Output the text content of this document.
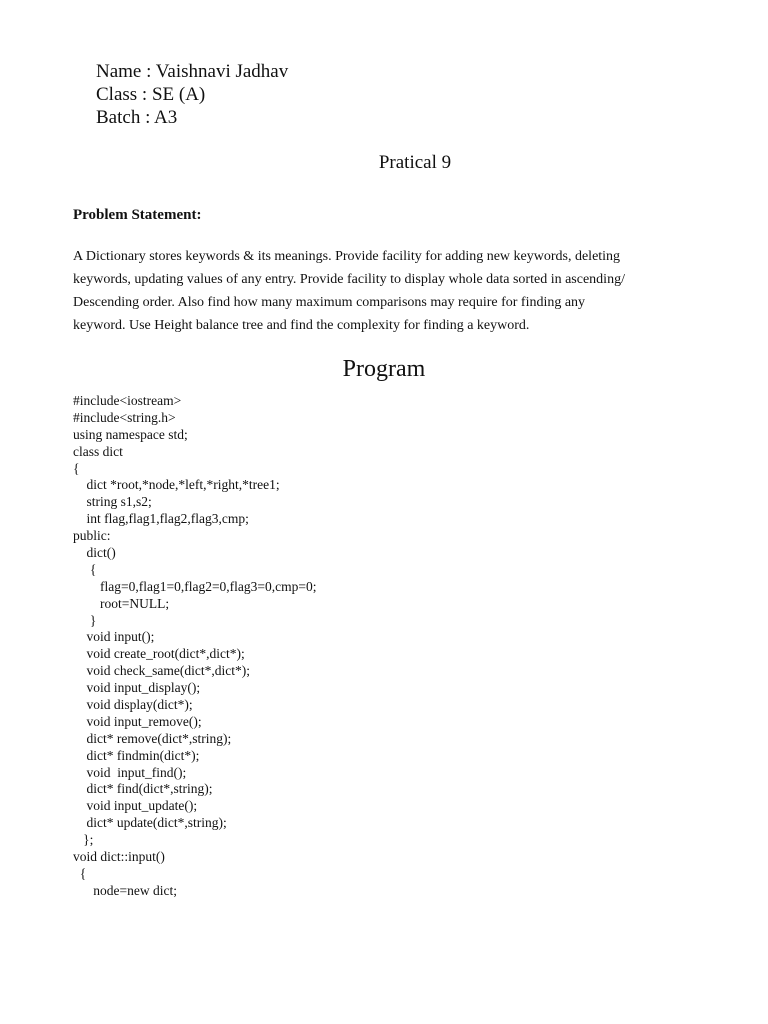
Name : Vaishnavi Jadhav
Class : SE (A)
Batch : A3
Pratical 9
Problem Statement:
A Dictionary stores keywords & its meanings. Provide facility for adding new keywords, deleting
keywords, updating values of any entry. Provide facility to display whole data sorted in ascending/
Descending order. Also find how many maximum comparisons may require for finding any
keyword. Use Height balance tree and find the complexity for finding a keyword.
Program
#include<iostream>
#include<string.h>
using namespace std;
class dict
{
dict *root,*node,*left,*right,*tree1;
string s1,s2;
int flag,flag1,flag2,flag3,cmp;
public:
dict()
{
flag=0,flag1=0,flag2=0,flag3=0,cmp=0;
root=NULL;
}
void input();
void create_root(dict*,dict*);
void check_same(dict*,dict*);
void input_display();
void display(dict*);
void input_remove();
dict* remove(dict*,string);
dict* findmin(dict*);
void  input_find();
dict* find(dict*,string);
void input_update();
dict* update(dict*,string);
};
void dict::input()
{
node=new dict;
